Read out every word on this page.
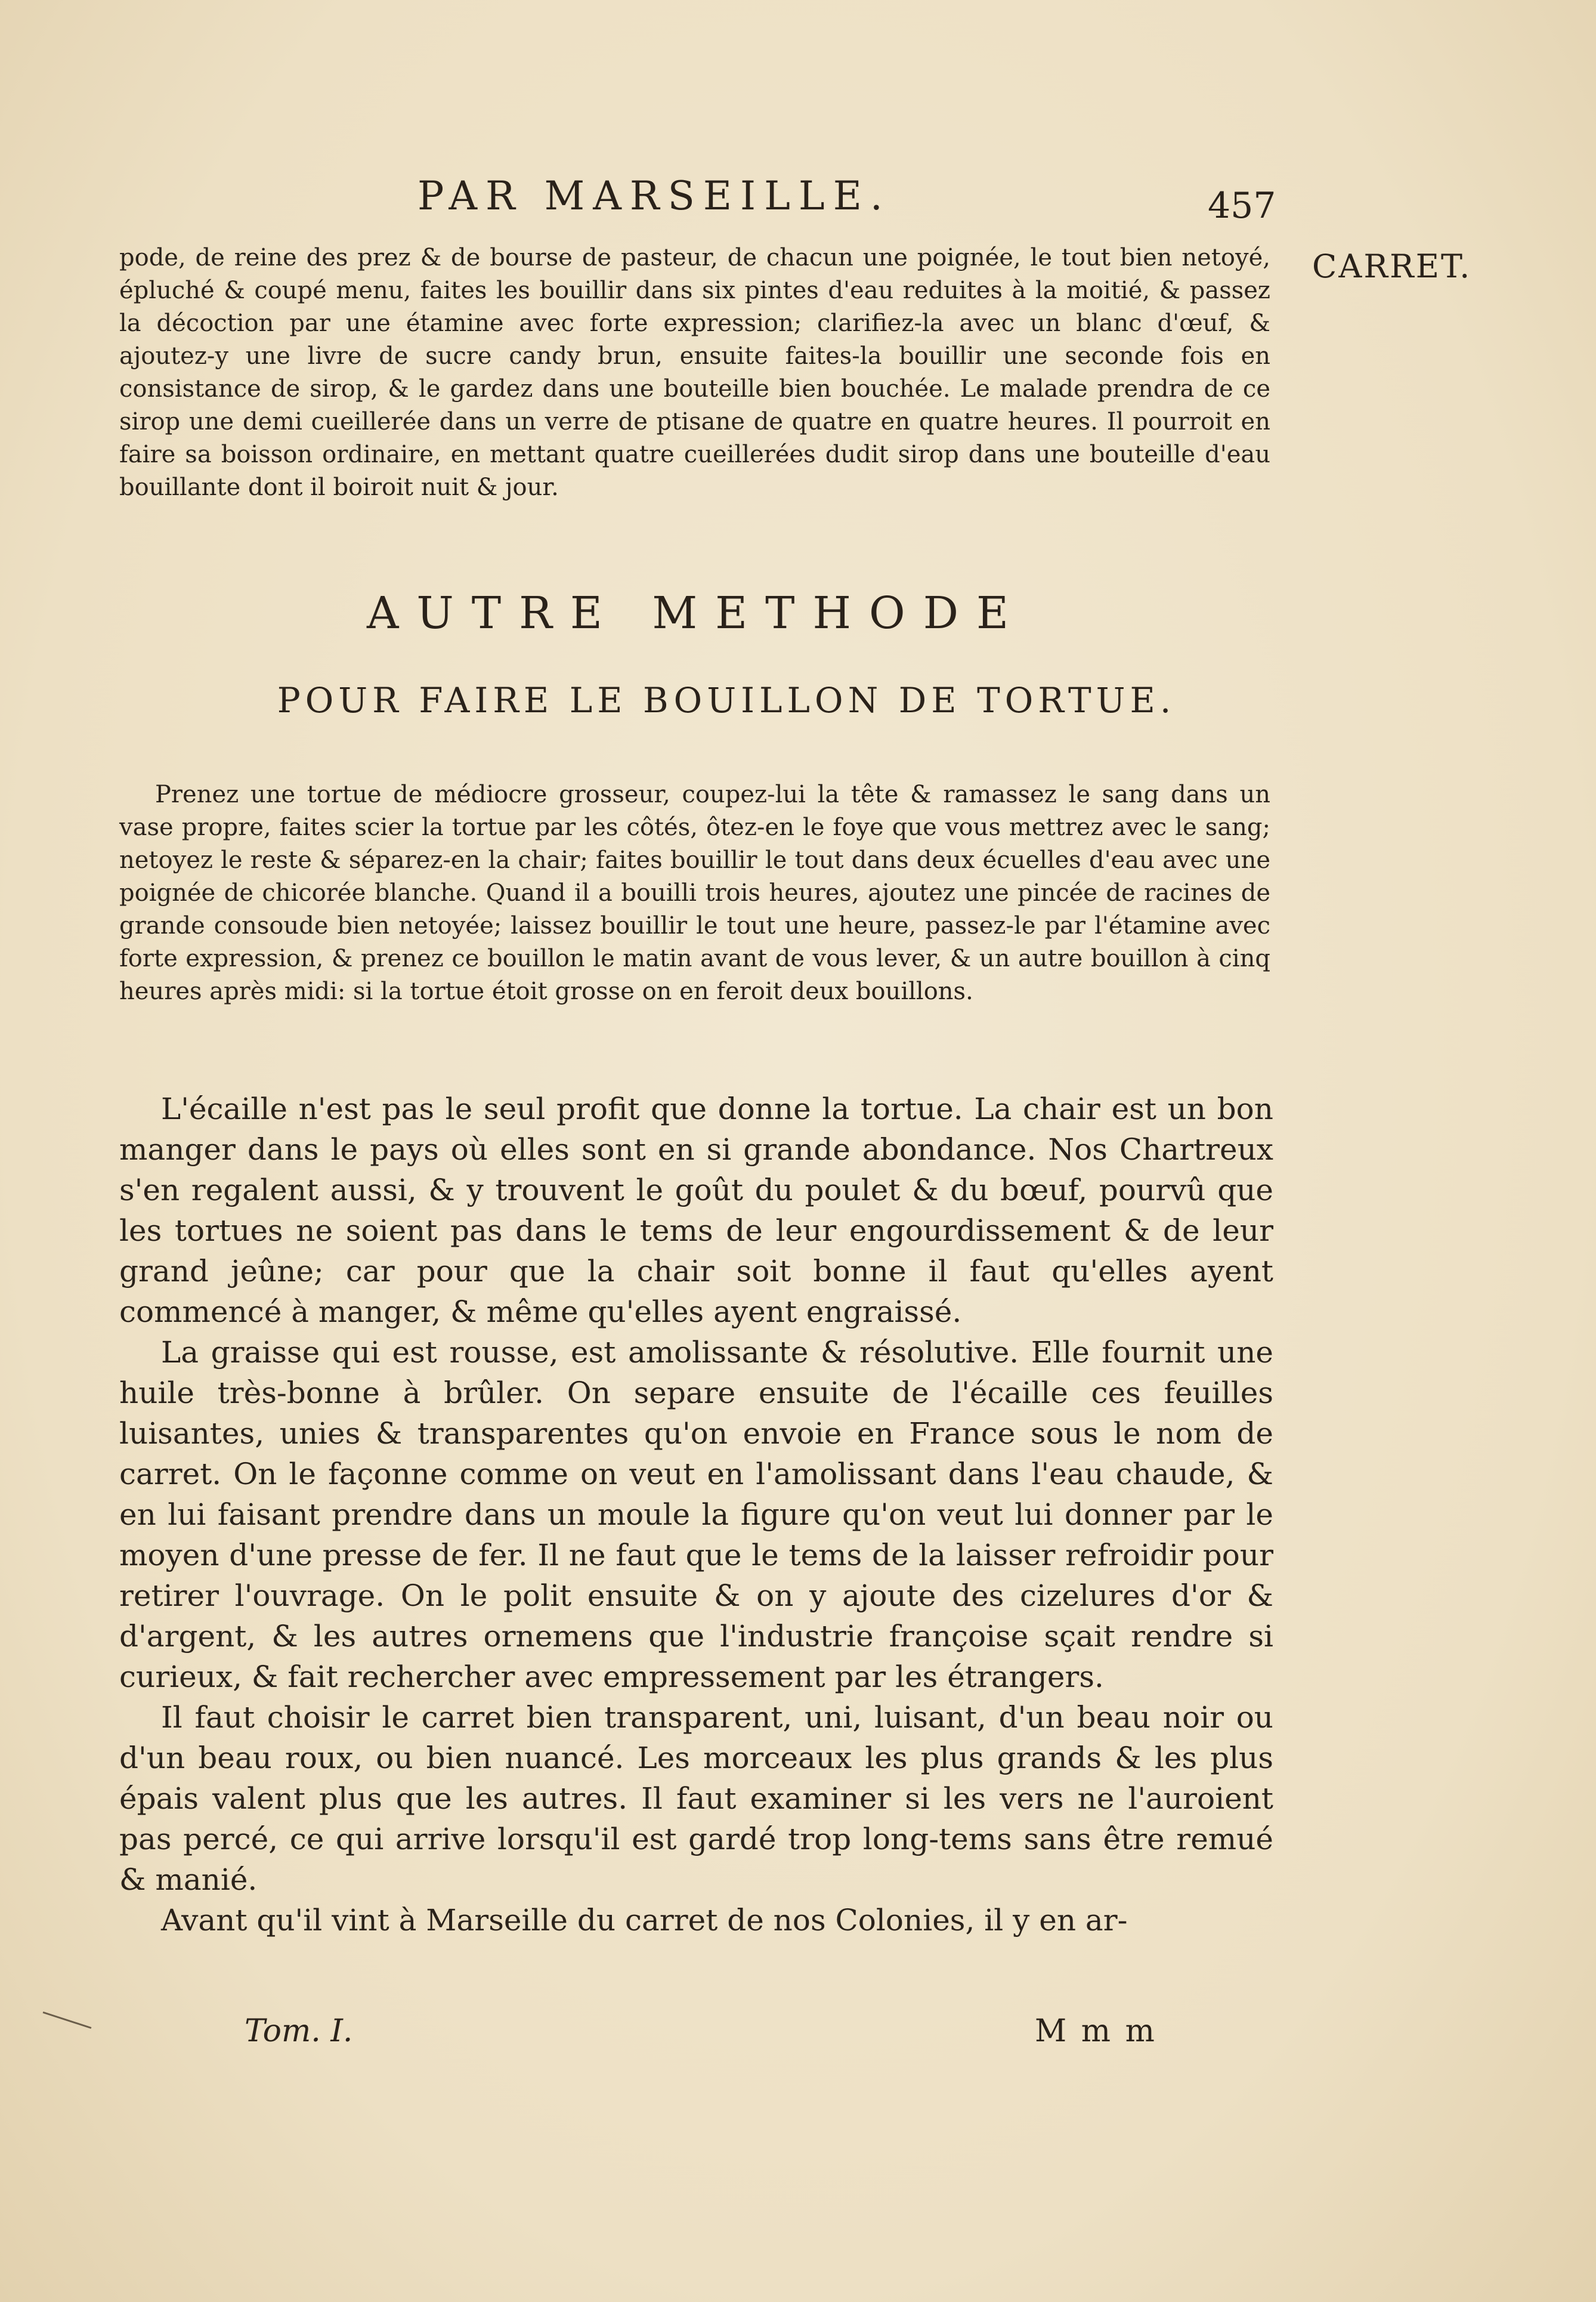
PAR MARSEILLE.	457
CARRET.
pode, de reine des prez & de bourse de pasteur, de chacun une poignée, le tout bien netoyé, épluché & coupé menu, faites les bouillir dans six pintes d'eau reduites à la moitié, & passez la décoction par une étamine avec forte expression; clarifiez-la avec un blanc d'œuf, & ajoutez-y une livre de sucre candy brun, ensuite faites-la bouillir une seconde fois en consistance de sirop, & le gardez dans une bouteille bien bouchée. Le malade prendra de ce sirop une demi cueillerée dans un verre de ptisane de quatre en quatre heures. Il pourroit en faire sa boisson ordinaire, en mettant quatre cueillerées dudit sirop dans une bouteille d'eau bouillante dont il boiroit nuit & jour.
AUTRE METHODE
POUR FAIRE LE BOUILLON DE TORTUE.
Prenez une tortue de médiocre grosseur, coupez-lui la tête & ramassez le sang dans un vase propre, faites scier la tortue par les côtés, ôtez-en le foye que vous mettrez avec le sang; netoyez le reste & séparez-en la chair; faites bouillir le tout dans deux écuelles d'eau avec une poignée de chicorée blanche. Quand il a bouilli trois heures, ajoutez une pincée de racines de grande consoude bien netoyée; laissez bouillir le tout une heure, passez-le par l'étamine avec forte expression, & prenez ce bouillon le matin avant de vous lever, & un autre bouillon à cinq heures après midi: si la tortue étoit grosse on en feroit deux bouillons.

L'écaille n'est pas le seul profit que donne la tortue. La chair est un bon manger dans le pays où elles sont en si grande abondance. Nos Chartreux s'en regalent aussi, & y trouvent le goût du poulet & du bœuf, pourvû que les tortues ne soient pas dans le tems de leur engourdissement & de leur grand jeûne; car pour que la chair soit bonne il faut qu'elles ayent commencé à manger, & même qu'elles ayent engraissé.

La graisse qui est rousse, est amolissante & résolutive. Elle fournit une huile très-bonne à brûler. On separe ensuite de l'écaille ces feuilles luisantes, unies & transparentes qu'on envoie en France sous le nom de carret. On le façonne comme on veut en l'amolissant dans l'eau chaude, & en lui faisant prendre dans un moule la figure qu'on veut lui donner par le moyen d'une presse de fer. Il ne faut que le tems de la laisser refroidir pour retirer l'ouvrage. On le polit ensuite & on y ajoute des cizelures d'or & d'argent, & les autres ornemens que l'industrie françoise sçait rendre si curieux, & fait rechercher avec empressement par les étrangers.

Il faut choisir le carret bien transparent, uni, luisant, d'un beau noir ou d'un beau roux, ou bien nuancé. Les morceaux les plus grands & les plus épais valent plus que les autres. Il faut examiner si les vers ne l'auroient pas percé, ce qui arrive lorsqu'il est gardé trop long-tems sans être remué & manié.

Avant qu'il vint à Marseille du carret de nos Colonies, il y en ar-

Tom. I.	M m m
